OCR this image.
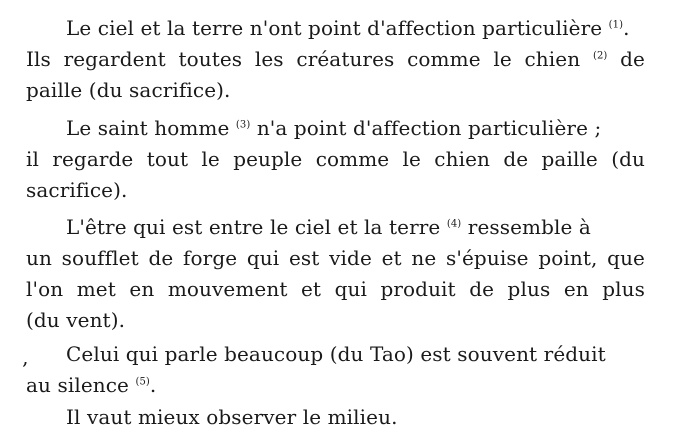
Le ciel et la terre n'ont point d'affection particulière $^{(1)}$.
Ils regardent toutes les créatures comme le chien $^{(2)}$ de
paille (du sacrifice).
Le saint homme $^{(3)}$ n'a point d'affection particulière ;
il regarde tout le peuple comme le chien de paille (du
sacrifice).
L'être qui est entre le ciel et la terre $^{(4)}$ ressemble à
un soufflet de forge qui est vide et ne s'épuise point, que
l'on met en mouvement et qui produit de plus en plus
(du vent).
‚ Celui qui parle beaucoup (du Tao) est souvent réduit
au silence $^{(5)}$.
Il vaut mieux observer le milieu.
